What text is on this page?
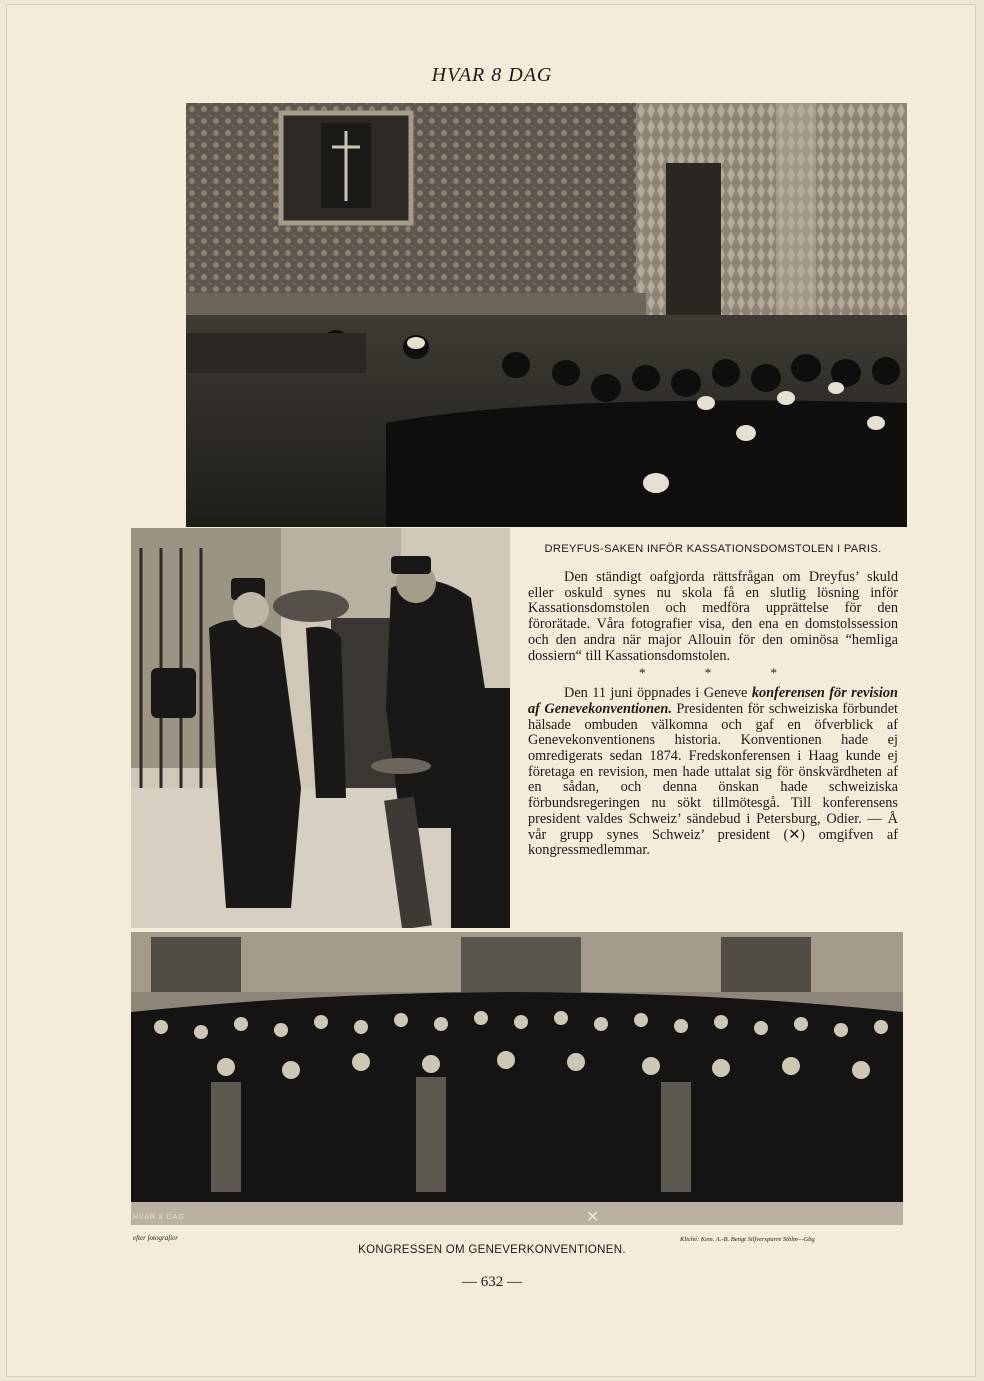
HVAR 8 DAG

DREYFUS-SAKEN INFÖR KASSATIONSDOMSTOLEN I PARIS.

Den ständigt oafgjorda rättsfrågan om Dreyfus’ skuld eller oskuld synes nu skola få en slutlig lösning inför Kassationsdomstolen och medföra upprättelse för den förorätade. Våra fotografier visa, den ena en domstolssession och den andra när major Allouin för den ominösa “hemliga dossiern“ till Kassationsdomstolen.

* * *

Den 11 juni öppnades i Geneve konferensen för revision af Genevekonventionen. Presidenten för schweiziska förbundet hälsade ombuden välkomna och gaf en öfverblick af Genevekonventionens historia. Konventionen hade ej omredigerats sedan 1874. Fredskonferensen i Haag kunde ej företaga en revision, men hade uttalat sig för önskvärdheten af en sådan, och denna önskan hade schweiziska förbundsregeringen nu sökt tillmötesgå. Till konferensens president valdes Schweiz’ sändebud i Petersburg, Odier. — Å vår grupp synes Schweiz’ president (✕) omgifven af kongressmedlemmar.

✕
HVAR 8 DAG
efter fotografier	Kliché: Kem. A.-B. Bengt Silfversparre Sthlm—Gbg
KONGRESSEN OM GENEVERKONVENTIONEN.
— 632 —
